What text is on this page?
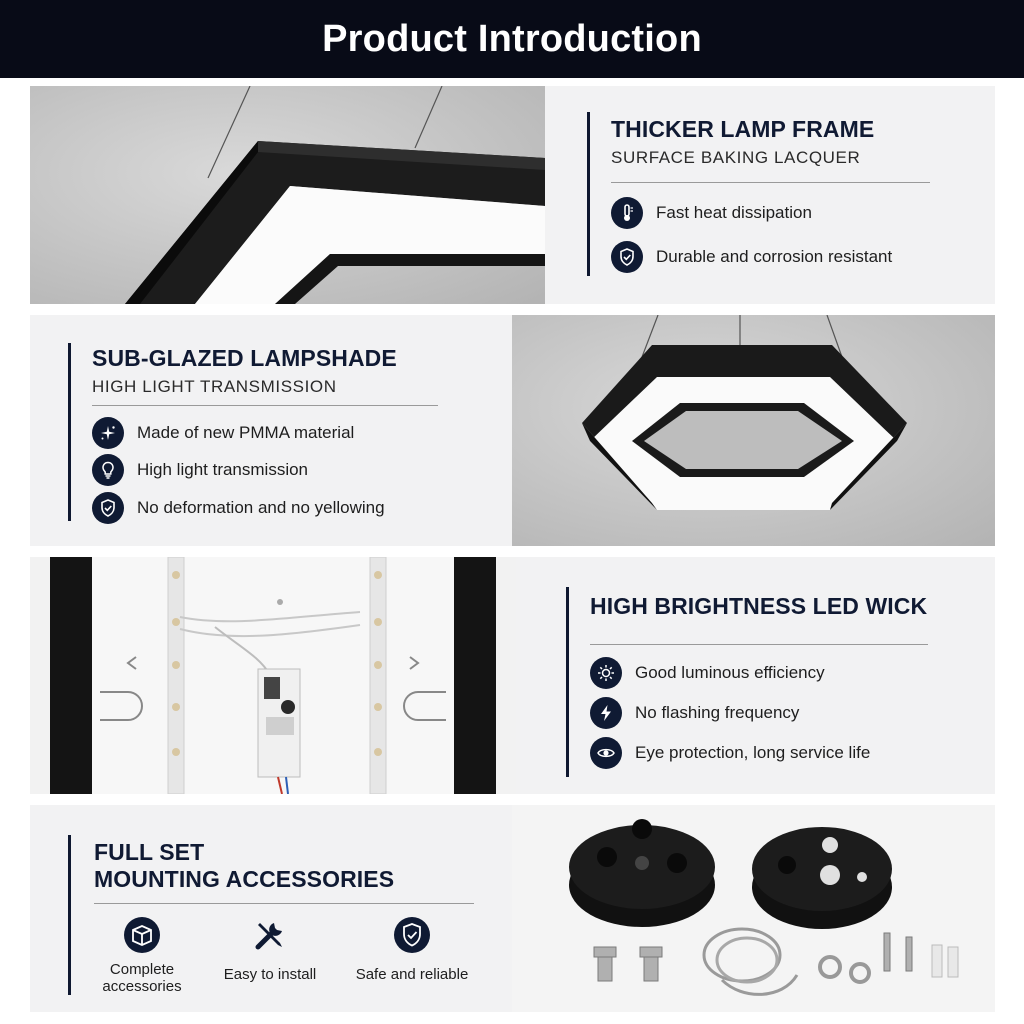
Product Introduction
THICKER LAMP FRAME
SURFACE BAKING LACQUER
Fast heat dissipation
Durable and corrosion resistant
SUB-GLAZED LAMPSHADE
HIGH LIGHT TRANSMISSION
Made of new PMMA material
High light transmission
No deformation and no yellowing
HIGH BRIGHTNESS LED WICK
Good luminous efficiency
No flashing frequency
Eye protection, long service life
FULL SET
MOUNTING ACCESSORIES
Complete
accessories
Easy to install	Safe and reliable
